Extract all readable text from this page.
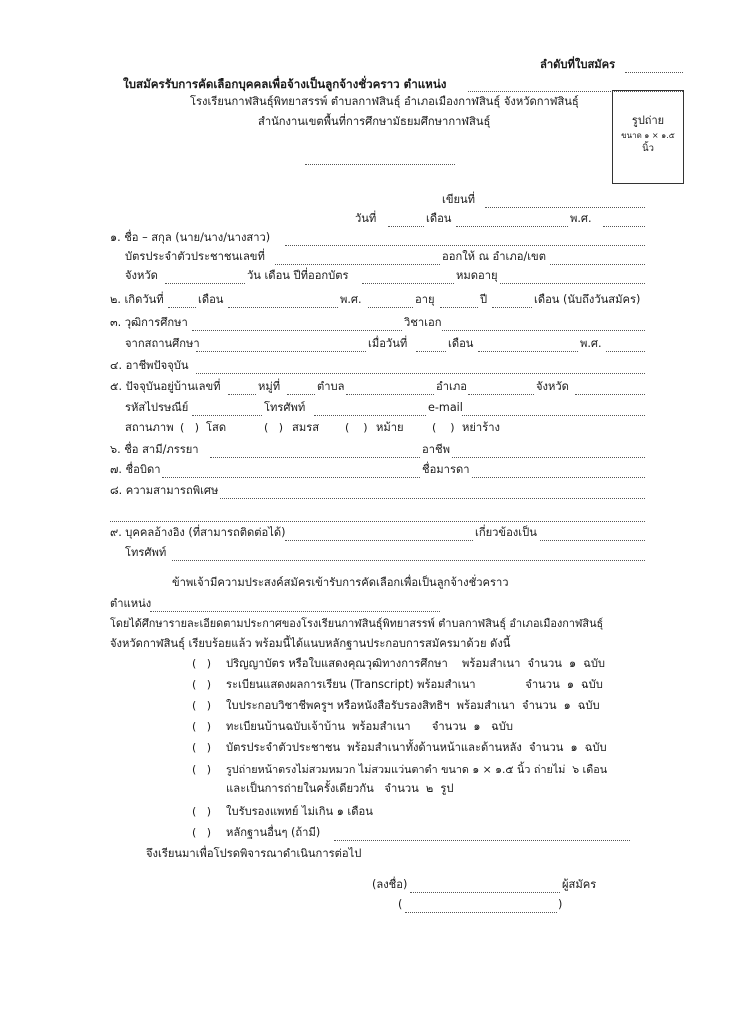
ลำดับที่ใบสมัคร
ใบสมัครรับการคัดเลือกบุคคลเพื่อจ้างเป็นลูกจ้างชั่วคราว ตำแหน่ง
โรงเรียนกาฬสินธุ์พิทยาสรรพ์ ตำบลกาฬสินธุ์ อำเภอเมืองกาฬสินธุ์ จังหวัดกาฬสินธุ์
สำนักงานเขตพื้นที่การศึกษามัธยมศึกษากาฬสินธุ์	รูปถ่าย
ขนาด ๑ × ๑.๕
นิ้ว
เขียนที่
วันที่	เดือน	พ.ศ.
๑. ชื่อ – สกุล (นาย/นาง/นางสาว)
บัตรประจำตัวประชาชนเลขที่	ออกให้ ณ อำเภอ/เขต
จังหวัด	วัน เดือน ปีที่ออกบัตร	หมดอายุ
๒. เกิดวันที่	เดือน	พ.ศ.	อายุ	ปี	เดือน (นับถึงวันสมัคร)
๓. วุฒิการศึกษา	วิชาเอก
จากสถานศึกษา	เมื่อวันที่	เดือน	พ.ศ.
๔. อาชีพปัจจุบัน
๕. ปัจจุบันอยู่บ้านเลขที่	หมู่ที่	ตำบล	อำเภอ	จังหวัด
รหัสไปรษณีย์	โทรศัพท์	e-mail
สถานภาพ (   ) โสด	(   ) สมรส (    ) หม้าย	(    ) หย่าร้าง
๖. ชื่อ สามี/ภรรยา	อาชีพ
๗. ชื่อบิดา	ชื่อมารดา
๘. ความสามารถพิเศษ
๙. บุคคลอ้างอิง (ที่สามารถติดต่อได้)	เกี่ยวข้องเป็น
โทรศัพท์
ข้าพเจ้ามีความประสงค์สมัครเข้ารับการคัดเลือกเพื่อเป็นลูกจ้างชั่วคราว
ตำแหน่ง
โดยได้ศึกษารายละเอียดตามประกาศของโรงเรียนกาฬสินธุ์พิทยาสรรพ์ ตำบลกาฬสินธุ์ อำเภอเมืองกาฬสินธุ์
จังหวัดกาฬสินธุ์ เรียบร้อยแล้ว พร้อมนี้ได้แนบหลักฐานประกอบการสมัครมาด้วย ดังนี้
(   ) ปริญญาบัตร หรือใบแสดงคุณวุฒิทางการศึกษา    พร้อมสำเนา  จำนวน  ๑  ฉบับ
(   ) ระเบียนแสดงผลการเรียน (Transcript) พร้อมสำเนา              จำนวน  ๑  ฉบับ
(   ) ใบประกอบวิชาชีพครูฯ หรือหนังสือรับรองสิทธิฯ  พร้อมสำเนา  จำนวน  ๑  ฉบับ
(   ) ทะเบียนบ้านฉบับเจ้าบ้าน  พร้อมสำเนา      จำนวน  ๑   ฉบับ
(   ) บัตรประจำตัวประชาชน  พร้อมสำเนาทั้งด้านหน้าและด้านหลัง  จำนวน  ๑  ฉบับ
(   ) รูปถ่ายหน้าตรงไม่สวมหมวก ไม่สวมแว่นตาดำ ขนาด ๑ × ๑.๕ นิ้ว ถ่ายไม่  ๖ เดือน
และเป็นการถ่ายในครั้งเดียวกัน   จำนวน  ๒  รูป
(   ) ใบรับรองแพทย์ ไม่เกิน ๑ เดือน
(   ) หลักฐานอื่นๆ (ถ้ามี)
จึงเรียนมาเพื่อโปรดพิจารณาดำเนินการต่อไป
(ลงชื่อ)	ผู้สมัคร
(	)
